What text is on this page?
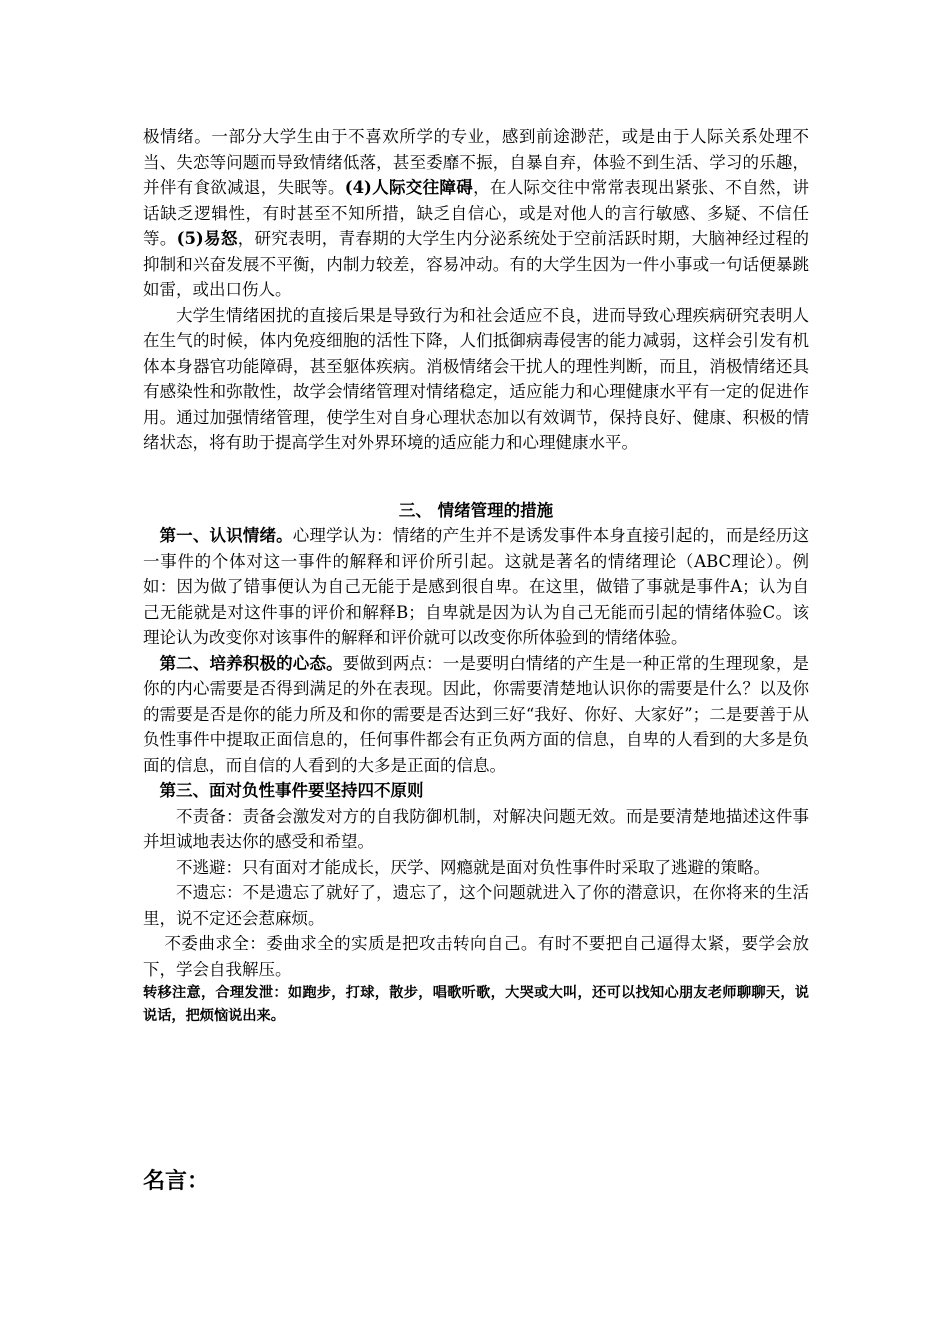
极情绪。一部分大学生由于不喜欢所学的专业，感到前途渺茫，或是由于人际关系处理不当、失恋等问题而导致情绪低落，甚至委靡不振，自暴自弃，体验不到生活、学习的乐趣，并伴有食欲减退，失眠等。(4)人际交往障碍，在人际交往中常常表现出紧张、不自然，讲话缺乏逻辑性，有时甚至不知所措，缺乏自信心，或是对他人的言行敏感、多疑、不信任等。(5)易怒，研究表明，青春期的大学生内分泌系统处于空前活跃时期，大脑神经过程的抑制和兴奋发展不平衡，内制力较差，容易冲动。有的大学生因为一件小事或一句话便暴跳如雷，或出口伤人。

大学生情绪困扰的直接后果是导致行为和社会适应不良，进而导致心理疾病研究表明人在生气的时候，体内免疫细胞的活性下降，人们抵御病毒侵害的能力减弱，这样会引发有机体本身器官功能障碍，甚至躯体疾病。消极情绪会干扰人的理性判断，而且，消极情绪还具有感染性和弥散性，故学会情绪管理对情绪稳定，适应能力和心理健康水平有一定的促进作用。通过加强情绪管理，使学生对自身心理状态加以有效调节，保持良好、健康、积极的情绪状态，将有助于提高学生对外界环境的适应能力和心理健康水平。

三、 情绪管理的措施

第一、认识情绪。心理学认为：情绪的产生并不是诱发事件本身直接引起的，而是经历这一事件的个体对这一事件的解释和评价所引起。这就是著名的情绪理论（ABC理论）。例如：因为做了错事便认为自己无能于是感到很自卑。在这里，做错了事就是事件A；认为自己无能就是对这件事的评价和解释B；自卑就是因为认为自己无能而引起的情绪体验C。该理论认为改变你对该事件的解释和评价就可以改变你所体验到的情绪体验。

第二、培养积极的心态。要做到两点：一是要明白情绪的产生是一种正常的生理现象，是你的内心需要是否得到满足的外在表现。因此，你需要清楚地认识你的需要是什么？以及你的需要是否是你的能力所及和你的需要是否达到三好“我好、你好、大家好”；二是要善于从负性事件中提取正面信息的，任何事件都会有正负两方面的信息，自卑的人看到的大多是负面的信息，而自信的人看到的大多是正面的信息。

第三、面对负性事件要坚持四不原则

不责备：责备会激发对方的自我防御机制，对解决问题无效。而是要清楚地描述这件事并坦诚地表达你的感受和希望。

不逃避：只有面对才能成长，厌学、网瘾就是面对负性事件时采取了逃避的策略。

不遗忘：不是遗忘了就好了，遗忘了，这个问题就进入了你的潜意识，在你将来的生活里，说不定还会惹麻烦。

不委曲求全：委曲求全的实质是把攻击转向自己。有时不要把自己逼得太紧，要学会放下，学会自我解压。

转移注意，合理发泄：如跑步，打球，散步，唱歌听歌，大哭或大叫，还可以找知心朋友老师聊聊天，说说话，把烦恼说出来。

名言：
